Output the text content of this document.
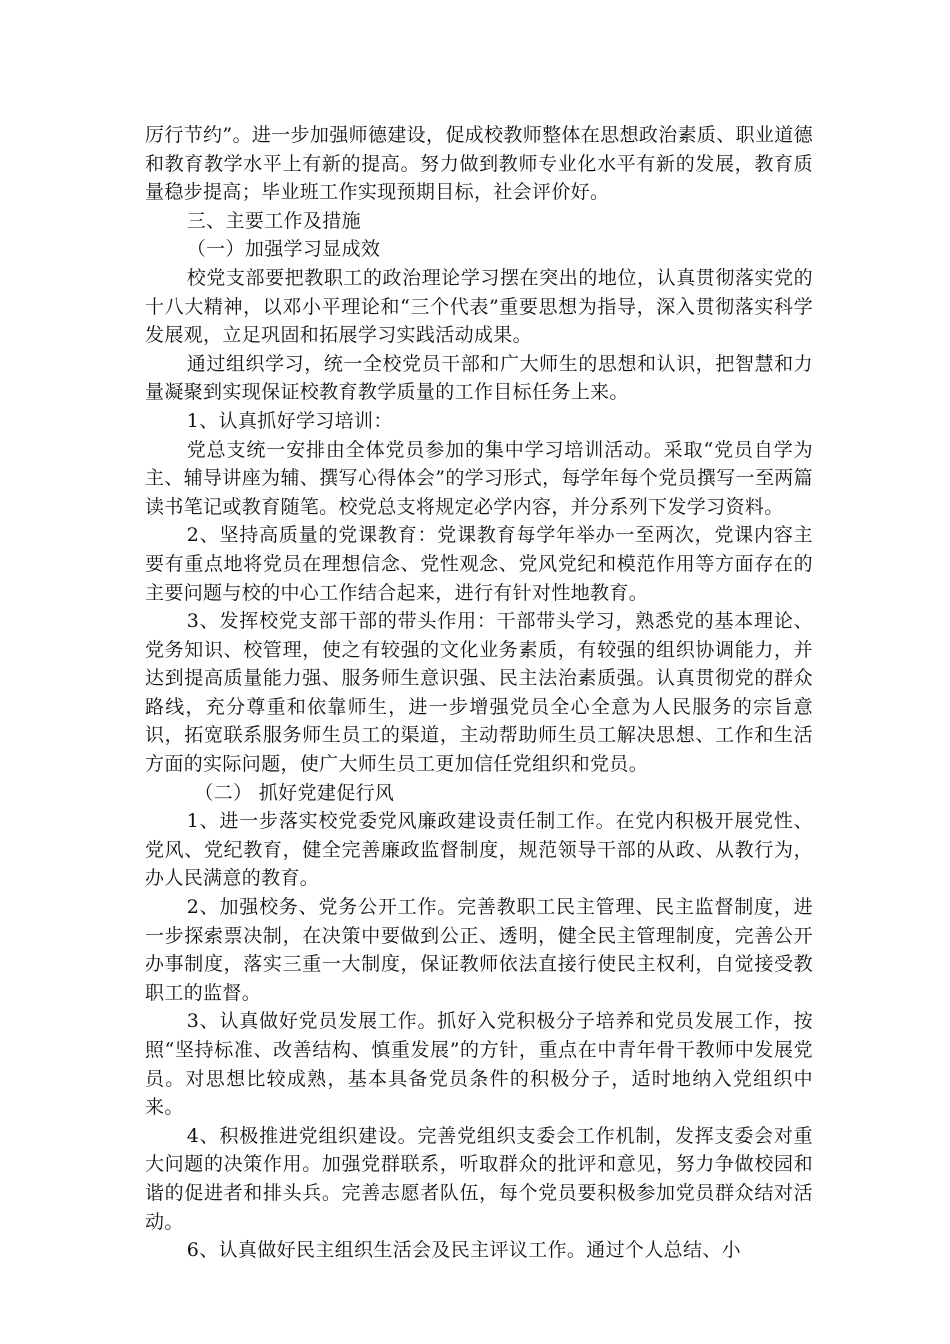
厉行节约”。进一步加强师德建设，促成校教师整体在思想政治素质、职业道德和教育教学水平上有新的提高。努力做到教师专业化水平有新的发展，教育质量稳步提高；毕业班工作实现预期目标，社会评价好。

三、主要工作及措施

（一）加强学习显成效

校党支部要把教职工的政治理论学习摆在突出的地位，认真贯彻落实党的十八大精神，以邓小平理论和“三个代表”重要思想为指导，深入贯彻落实科学发展观，立足巩固和拓展学习实践活动成果。

通过组织学习，统一全校党员干部和广大师生的思想和认识，把智慧和力量凝聚到实现保证校教育教学质量的工作目标任务上来。

1、认真抓好学习培训：

党总支统一安排由全体党员参加的集中学习培训活动。采取“党员自学为主、辅导讲座为辅、撰写心得体会”的学习形式，每学年每个党员撰写一至两篇读书笔记或教育随笔。校党总支将规定必学内容，并分系列下发学习资料。

2、坚持高质量的党课教育：党课教育每学年举办一至两次，党课内容主要有重点地将党员在理想信念、党性观念、党风党纪和模范作用等方面存在的主要问题与校的中心工作结合起来，进行有针对性地教育。

3、发挥校党支部干部的带头作用：干部带头学习，熟悉党的基本理论、党务知识、校管理，使之有较强的文化业务素质，有较强的组织协调能力，并达到提高质量能力强、服务师生意识强、民主法治素质强。认真贯彻党的群众路线，充分尊重和依靠师生，进一步增强党员全心全意为人民服务的宗旨意识，拓宽联系服务师生员工的渠道，主动帮助师生员工解决思想、工作和生活方面的实际问题，使广大师生员工更加信任党组织和党员。

（二） 抓好党建促行风

1、进一步落实校党委党风廉政建设责任制工作。在党内积极开展党性、党风、党纪教育，健全完善廉政监督制度，规范领导干部的从政、从教行为，办人民满意的教育。

2、加强校务、党务公开工作。完善教职工民主管理、民主监督制度，进一步探索票决制，在决策中要做到公正、透明，健全民主管理制度，完善公开办事制度，落实三重一大制度，保证教师依法直接行使民主权利，自觉接受教职工的监督。

3、认真做好党员发展工作。抓好入党积极分子培养和党员发展工作，按照“坚持标准、改善结构、慎重发展”的方针，重点在中青年骨干教师中发展党员。对思想比较成熟，基本具备党员条件的积极分子，适时地纳入党组织中来。

4、积极推进党组织建设。完善党组织支委会工作机制，发挥支委会对重大问题的决策作用。加强党群联系，听取群众的批评和意见，努力争做校园和谐的促进者和排头兵。完善志愿者队伍，每个党员要积极参加党员群众结对活动。

6、认真做好民主组织生活会及民主评议工作。通过个人总结、小
